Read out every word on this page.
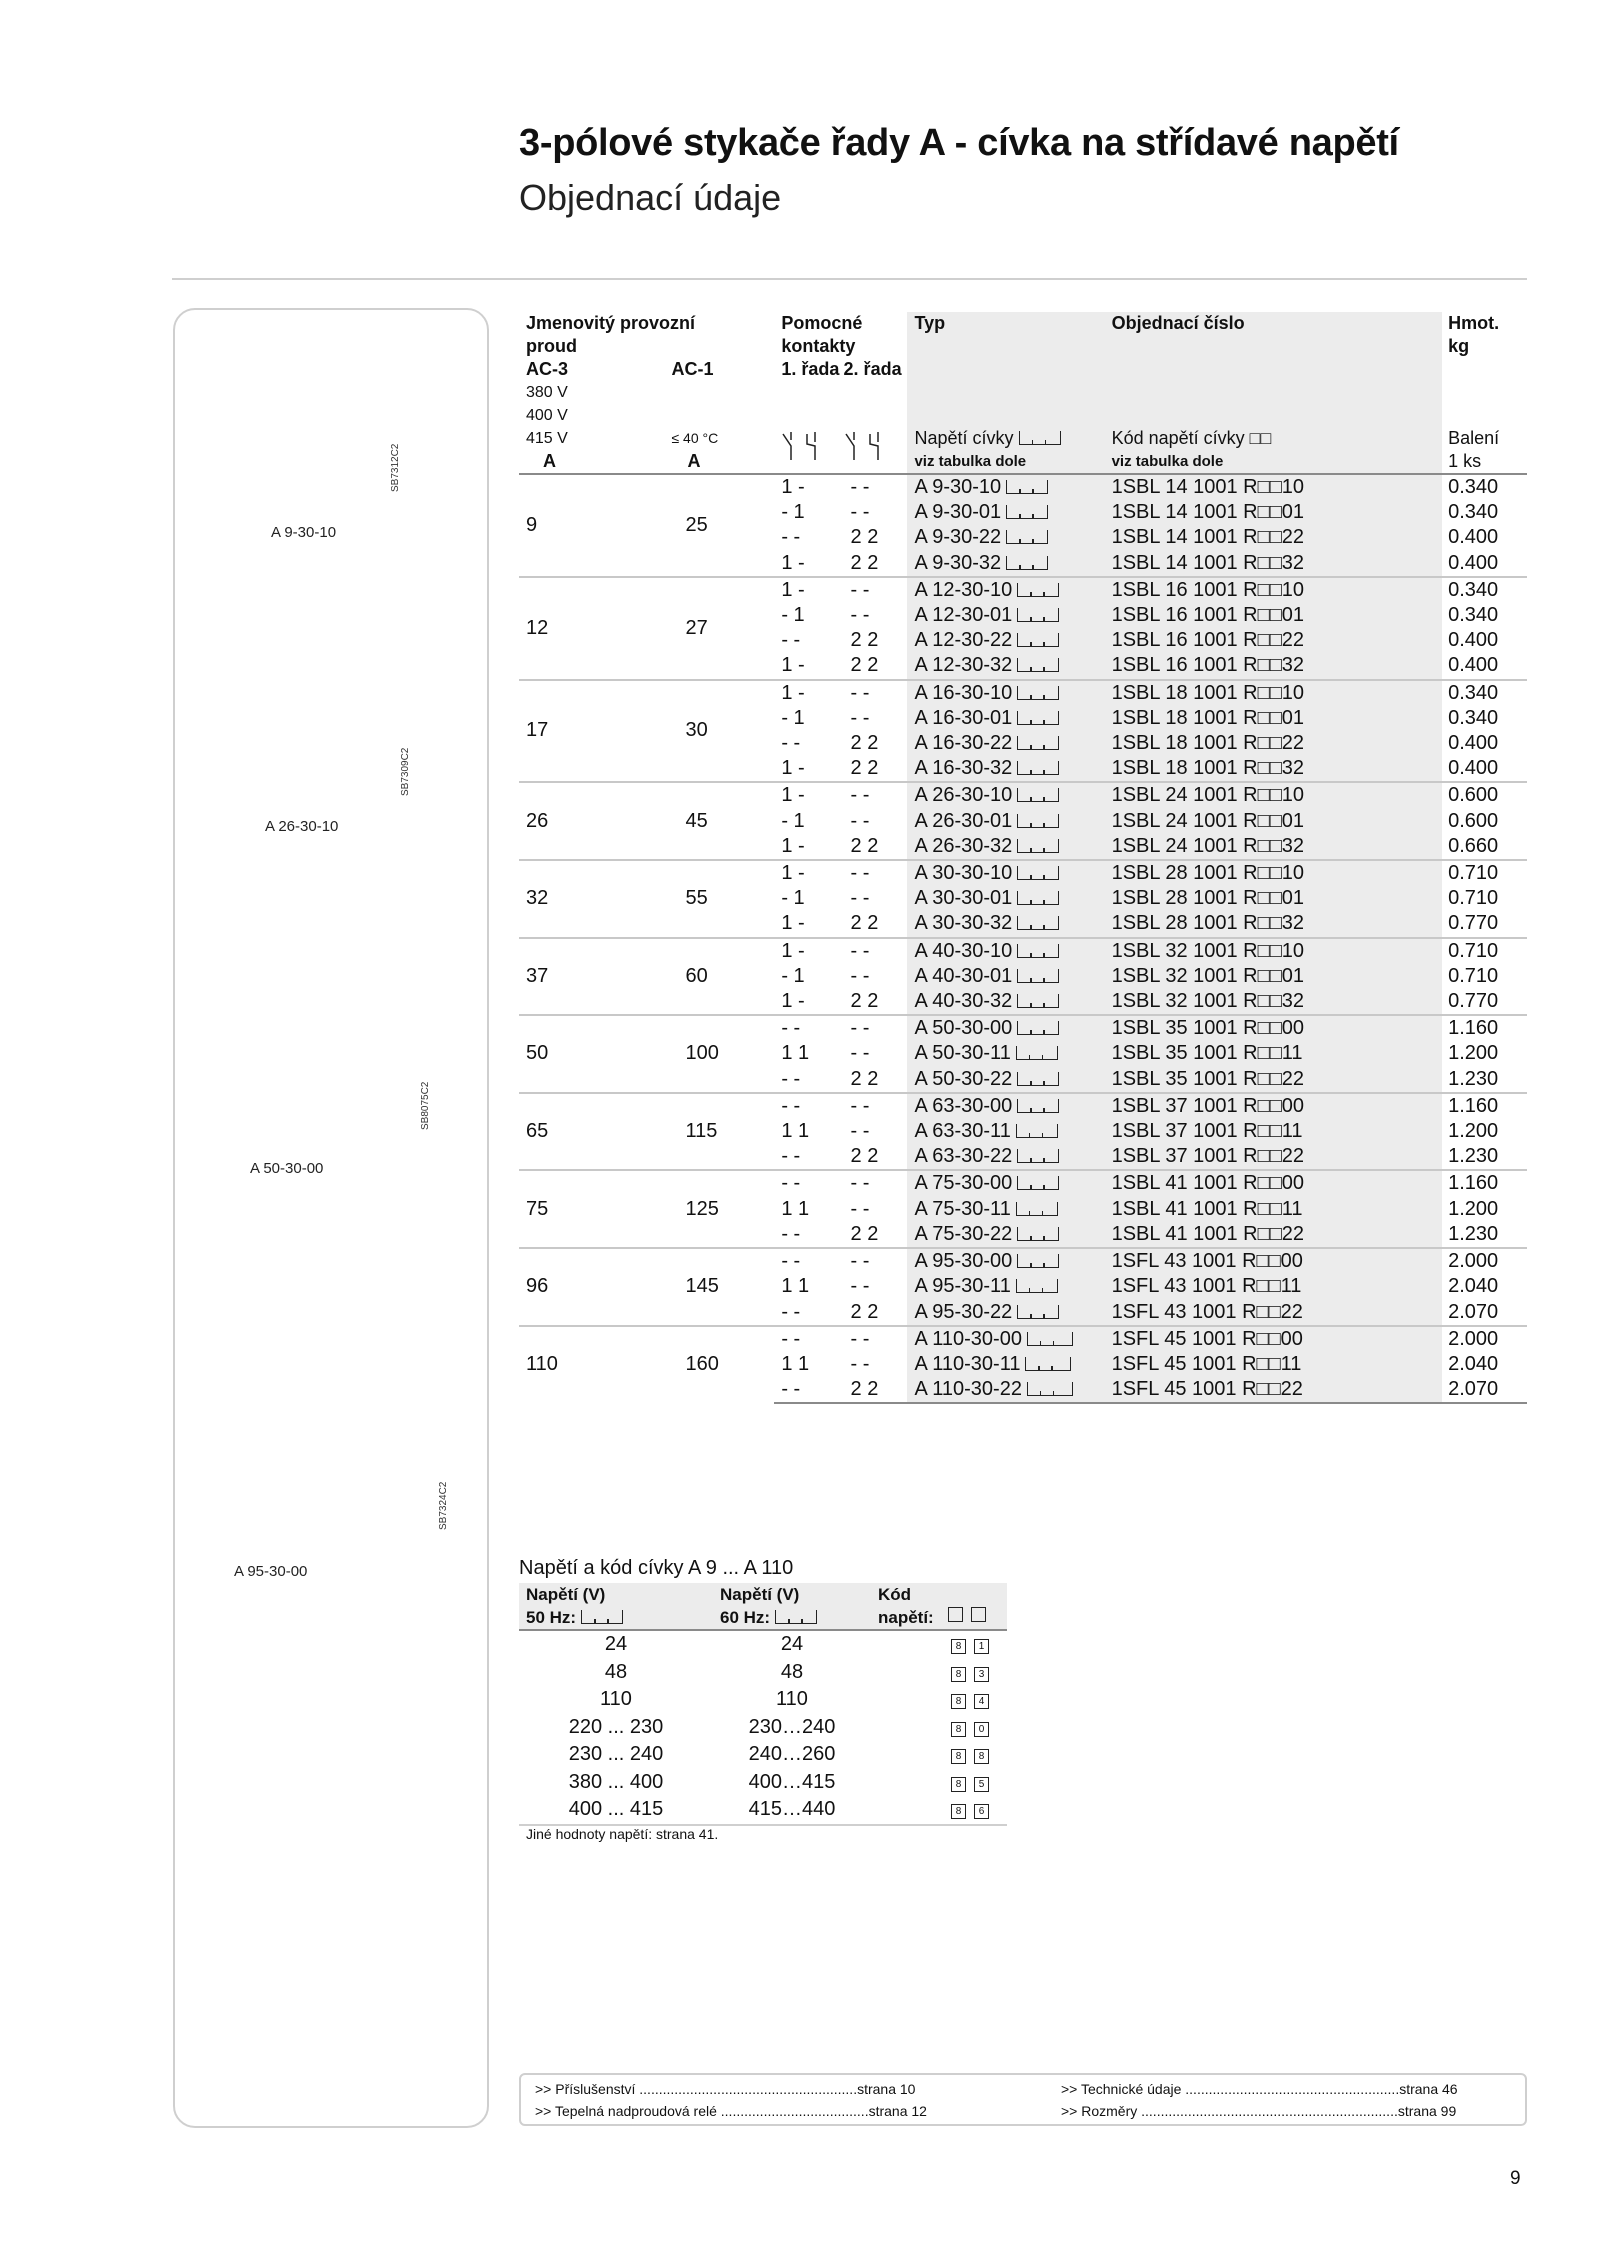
3-pólové stykače řady A - cívka na střídavé napětí
Objednací údaje
A 9-30-10
SB7312C2
A 26-30-10
SB7309C2
A 50-30-00
SB8075C2
A 95-30-00
SB7324C2
Jmenovitý provozní		Pomocné		Typ	Objednací číslo	Hmot.
proud		kontakty				kg
AC-3	AC-1	1. řada	2. řada			
380 V						
400 V						
415 V	≤ 40 °C			Napětí cívky	Kód napětí cívky □□	Balení
A	A			viz tabulka dole	viz tabulka dole	1 ks
9	25	1 -	- -	A 9-30-10	1SBL 14 1001 R□□10	0.340
		- 1	- -	A 9-30-01	1SBL 14 1001 R□□01	0.340
		- -	2 2	A 9-30-22	1SBL 14 1001 R□□22	0.400
		1 -	2 2	A 9-30-32	1SBL 14 1001 R□□32	0.400
12	27	1 -	- -	A 12-30-10	1SBL 16 1001 R□□10	0.340
		- 1	- -	A 12-30-01	1SBL 16 1001 R□□01	0.340
		- -	2 2	A 12-30-22	1SBL 16 1001 R□□22	0.400
		1 -	2 2	A 12-30-32	1SBL 16 1001 R□□32	0.400
17	30	1 -	- -	A 16-30-10	1SBL 18 1001 R□□10	0.340
		- 1	- -	A 16-30-01	1SBL 18 1001 R□□01	0.340
		- -	2 2	A 16-30-22	1SBL 18 1001 R□□22	0.400
		1 -	2 2	A 16-30-32	1SBL 18 1001 R□□32	0.400
26	45	1 -	- -	A 26-30-10	1SBL 24 1001 R□□10	0.600
		- 1	- -	A 26-30-01	1SBL 24 1001 R□□01	0.600
		1 -	2 2	A 26-30-32	1SBL 24 1001 R□□32	0.660
32	55	1 -	- -	A 30-30-10	1SBL 28 1001 R□□10	0.710
		- 1	- -	A 30-30-01	1SBL 28 1001 R□□01	0.710
		1 -	2 2	A 30-30-32	1SBL 28 1001 R□□32	0.770
37	60	1 -	- -	A 40-30-10	1SBL 32 1001 R□□10	0.710
		- 1	- -	A 40-30-01	1SBL 32 1001 R□□01	0.710
		1 -	2 2	A 40-30-32	1SBL 32 1001 R□□32	0.770
50	100	- -	- -	A 50-30-00	1SBL 35 1001 R□□00	1.160
		1 1	- -	A 50-30-11	1SBL 35 1001 R□□11	1.200
		- -	2 2	A 50-30-22	1SBL 35 1001 R□□22	1.230
65	115	- -	- -	A 63-30-00	1SBL 37 1001 R□□00	1.160
		1 1	- -	A 63-30-11	1SBL 37 1001 R□□11	1.200
		- -	2 2	A 63-30-22	1SBL 37 1001 R□□22	1.230
75	125	- -	- -	A 75-30-00	1SBL 41 1001 R□□00	1.160
		1 1	- -	A 75-30-11	1SBL 41 1001 R□□11	1.200
		- -	2 2	A 75-30-22	1SBL 41 1001 R□□22	1.230
96	145	- -	- -	A 95-30-00	1SFL 43 1001 R□□00	2.000
		1 1	- -	A 95-30-11	1SFL 43 1001 R□□11	2.040
		- -	2 2	A 95-30-22	1SFL 43 1001 R□□22	2.070
110	160	- -	- -	A 110-30-00	1SFL 45 1001 R□□00	2.000
		1 1	- -	A 110-30-11	1SFL 45 1001 R□□11	2.040
		- -	2 2	A 110-30-22	1SFL 45 1001 R□□22	2.070
Napětí a kód cívky A 9 ... A 110
Napětí (V)	Napětí (V)	Kód
50 Hz:	60 Hz:	napětí:
24	24	8 1
48	48	8 3
110	110	8 4
220 ... 230	230…240	8 0
230 ... 240	240…260	8 8
380 ... 400	400…415	8 5
400 ... 415	415…440	8 6
Jiné hodnoty napětí: strana 41.
>> Příslušenství ........................................................strana 10
>> Tepelná nadproudová relé ......................................strana 12
>> Technické údaje .......................................................strana 46
>> Rozměry ..................................................................strana 99
9
